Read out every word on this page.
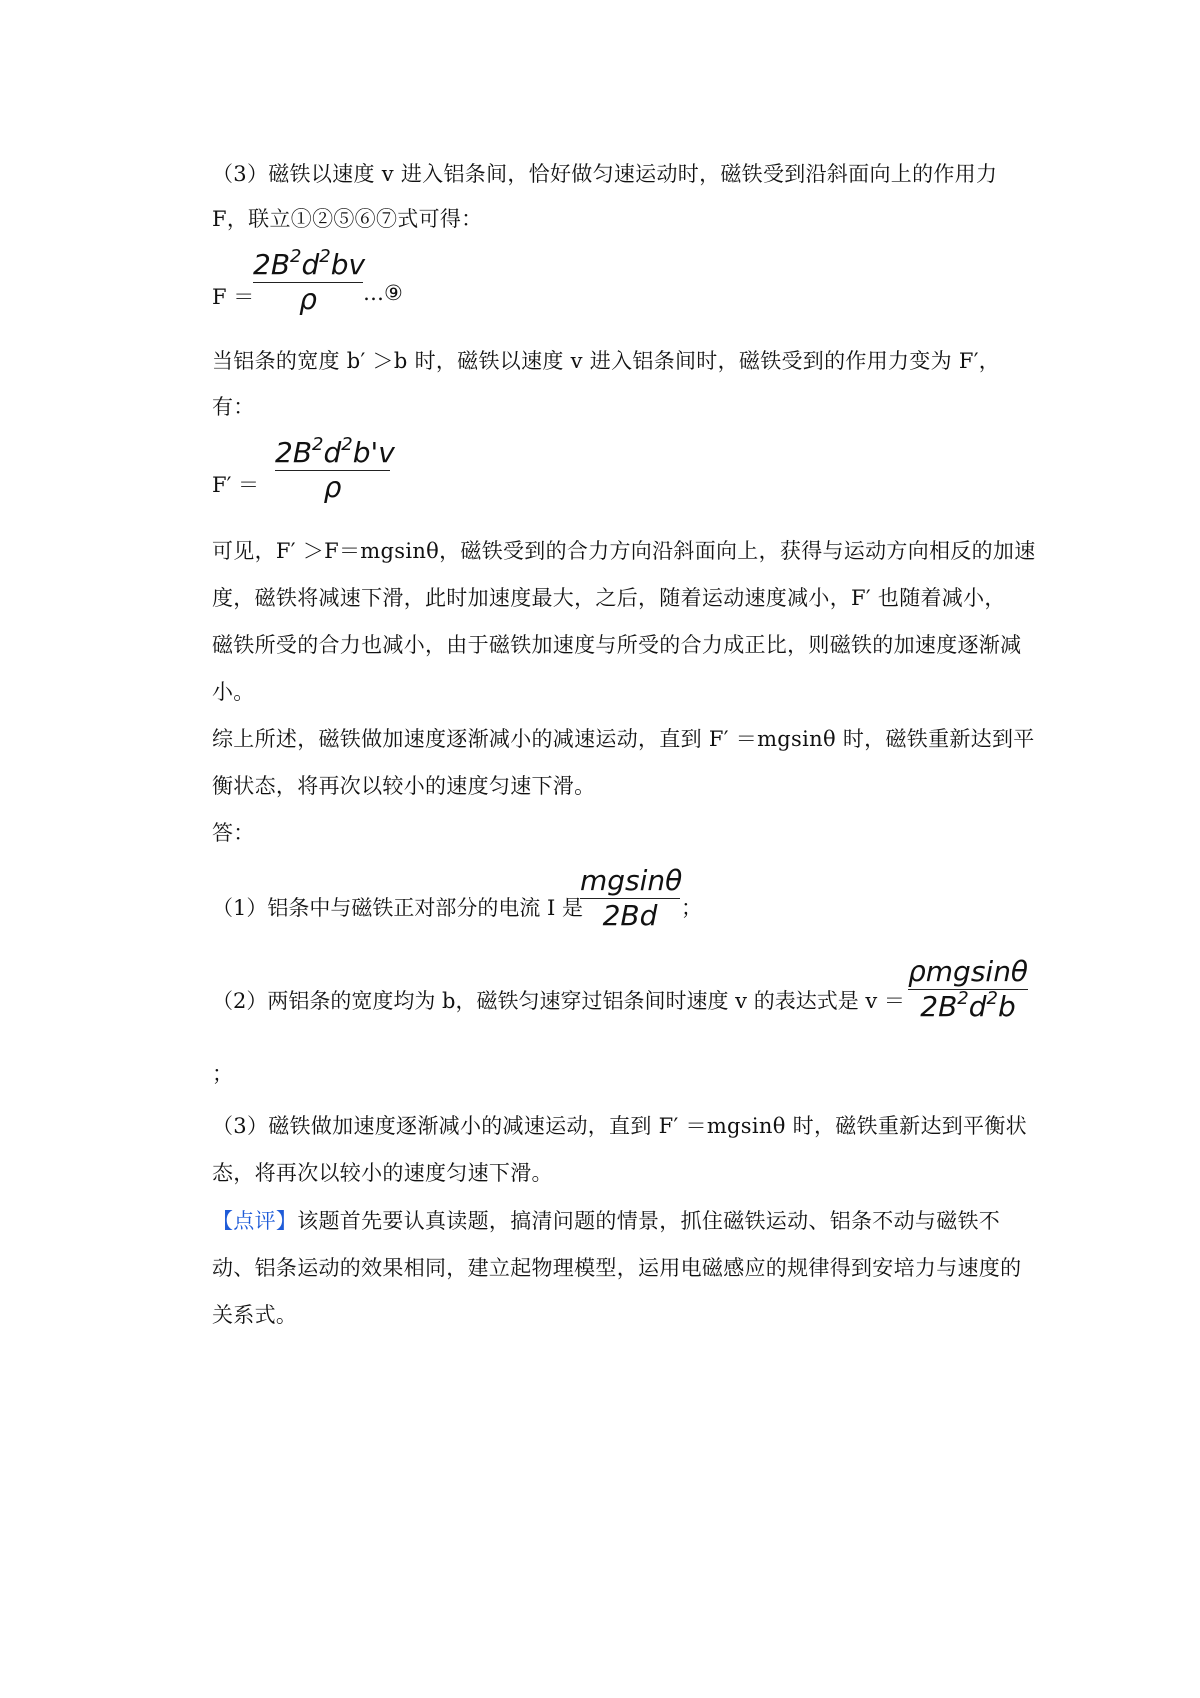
（3）磁铁以速度 v 进入铝条间，恰好做匀速运动时，磁铁受到沿斜面向上的作用力
F，联立①②⑤⑥⑦式可得：
F ＝
$2B^2d^2bv$
ρ	…⑨
当铝条的宽度 b′ ＞b 时，磁铁以速度 v 进入铝条间时，磁铁受到的作用力变为 F′，
有：
F′ ＝
$2B^2d^2b'v$
ρ
可见，F′ ＞F＝mgsinθ，磁铁受到的合力方向沿斜面向上，获得与运动方向相反的加速
度，磁铁将减速下滑，此时加速度最大，之后，随着运动速度减小，F′ 也随着减小，
磁铁所受的合力也减小，由于磁铁加速度与所受的合力成正比，则磁铁的加速度逐渐减
小。
综上所述，磁铁做加速度逐渐减小的减速运动，直到 F′ ＝mgsinθ 时，磁铁重新达到平
衡状态，将再次以较小的速度匀速下滑。
答：
（1）铝条中与磁铁正对部分的电流 I 是
mgsinθ
2Bd	；
（2）两铝条的宽度均为 b，磁铁匀速穿过铝条间时速度 v 的表达式是 v ＝
ρmgsinθ
$2B^2d^2b$
；
（3）磁铁做加速度逐渐减小的减速运动，直到 F′ ＝mgsinθ 时，磁铁重新达到平衡状
态，将再次以较小的速度匀速下滑。
【点评】该题首先要认真读题，搞清问题的情景，抓住磁铁运动、铝条不动与磁铁不
动、铝条运动的效果相同，建立起物理模型，运用电磁感应的规律得到安培力与速度的
关系式。
